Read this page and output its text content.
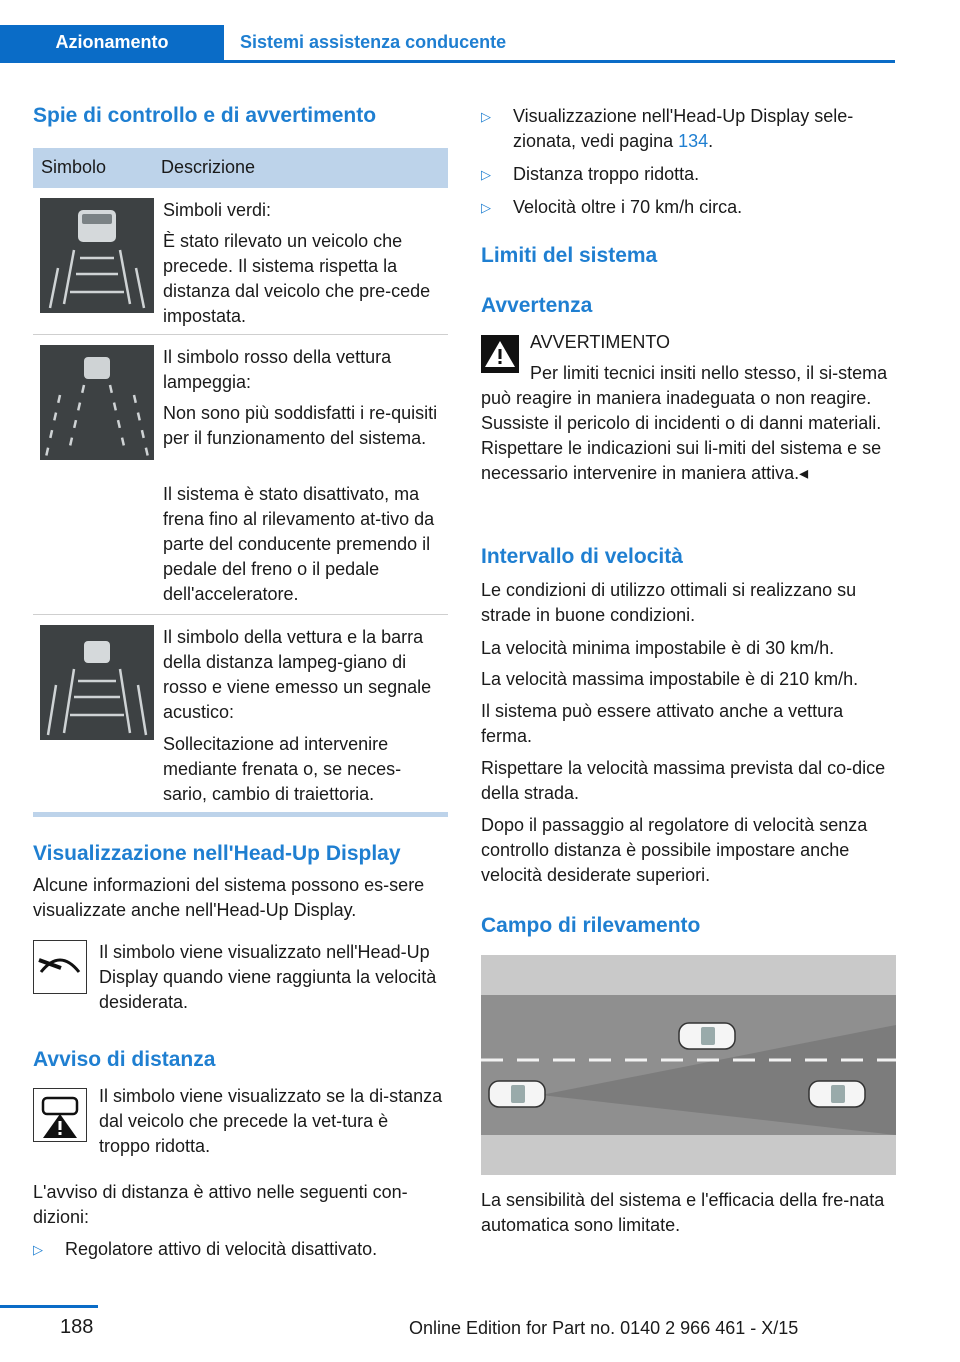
Azionamento	Sistemi assistenza conducente
Spie di controllo e di avvertimento
Simbolo	Descrizione

Simboli verdi:

È stato rilevato un veicolo che precede. Il sistema rispetta la distanza dal veicolo che pre-cede impostata.

Il simbolo rosso della vettura lampeggia:

Non sono più soddisfatti i re-quisiti per il funzionamento del sistema.

Il sistema è stato disattivato, ma frena fino al rilevamento at-tivo da parte del conducente premendo il pedale del freno o il pedale dell'acceleratore.

Il simbolo della vettura e la barra della distanza lampeg-giano di rosso e viene emesso un segnale acustico:

Sollecitazione ad intervenire mediante frenata o, se neces-sario, cambio di traiettoria.

Visualizzazione nell'Head-Up Display

Alcune informazioni del sistema possono es-sere visualizzate anche nell'Head-Up Display.

Il simbolo viene visualizzato nell'Head-Up Display quando viene raggiunta la velocità desiderata.

Avviso di distanza

Il simbolo viene visualizzato se la di-stanza dal veicolo che precede la vet-tura è troppo ridotta.

L'avviso di distanza è attivo nelle seguenti con-dizioni:

▷ Regolatore attivo di velocità disattivato.
▷ Visualizzazione nell'Head-Up Display sele-zionata, vedi pagina 134.
▷ Distanza troppo ridotta.
▷ Velocità oltre i 70 km/h circa.
Limiti del sistema
Avvertenza

AVVERTIMENTO

Per limiti tecnici insiti nello stesso, il si-stema può reagire in maniera inadeguata o non reagire. Sussiste il pericolo di incidenti o di danni materiali. Rispettare le indicazioni sui li-miti del sistema e se necessario intervenire in maniera attiva.◂

Intervallo di velocità

Le condizioni di utilizzo ottimali si realizzano su strade in buone condizioni.

La velocità minima impostabile è di 30 km/h.

La velocità massima impostabile è di 210 km/h.

Il sistema può essere attivato anche a vettura ferma.

Rispettare la velocità massima prevista dal co-dice della strada.

Dopo il passaggio al regolatore di velocità senza controllo distanza è possibile impostare anche velocità desiderate superiori.

Campo di rilevamento

La sensibilità del sistema e l'efficacia della fre-nata automatica sono limitate.

188	Online Edition for Part no. 0140 2 966 461 - X/15
